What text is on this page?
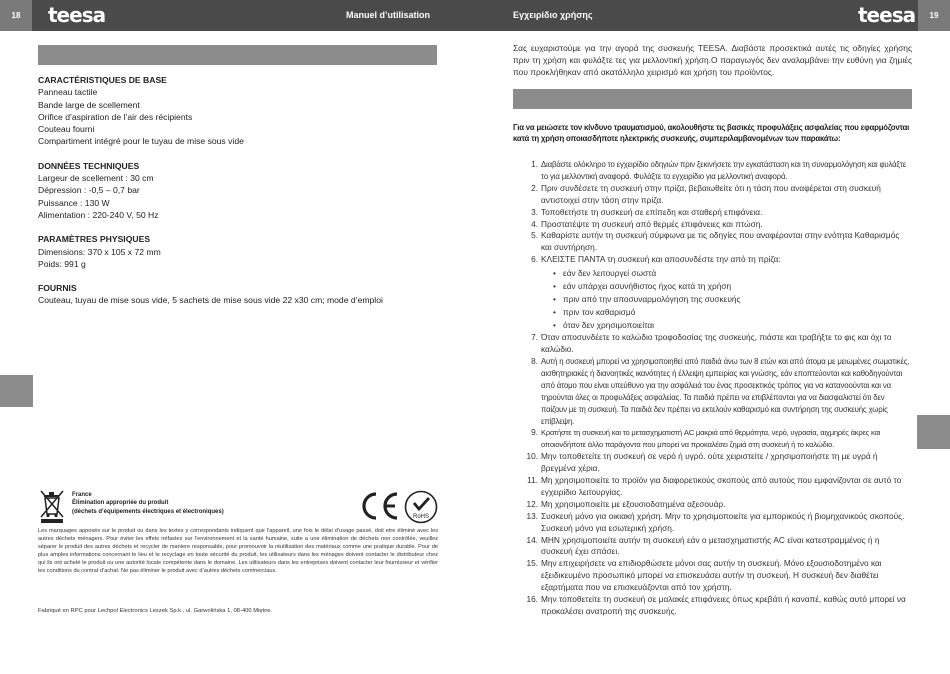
18	teesa	Manuel d’utilisation	Εγχειρίδιο χρήσης	teesa	19
CARACTÉRISTIQUES DE BASE
Panneau tactile
Bande large de scellement
Orifice d’aspiration de l’air des récipients
Couteau fourni
Compartiment intégré pour le tuyau de mise sous vide
DONNÉES TECHNIQUES
Largeur de scellement : 30 cm
Dépression : -0,5 – 0,7 bar
Puissance : 130 W
Alimentation : 220-240 V, 50 Hz
PARAMÈTRES PHYSIQUES
Dimensions: 370 x 105 x 72 mm
Poids: 991 g
FOURNIS
Couteau, tuyau de mise sous vide, 5 sachets de mise sous vide 22 x30 cm; mode d’emploi
France
Élimination appropriée du produit
(déchets d’équipements électriques et électroniques)
RoHS
Les marquages apposés sur le produit ou dans les textes y correspondants indiquent que l’appareil, une fois le délai d’usage passé, doit etre éliminé avec les autres déchets ménagers. Pour éviter les effets néfastes sur l’environnement et la santé humaine, suite a une élimination de déchets non contrôlée, veuillez séparer le produit des autres déchets et recycler de maniere responsable, pour promouvoir la réutilisation des matériaux comme une pratique durable. Pour de plus amples informations concernant le lieu et le recyclage en toute sécurité du produit, les utilisateurs dans les ménages doivent contacter le distributeur chez qui ils ont acheté le produit ou une autorité locale compétente dans le domaine. Les utilisateurs dans les entreprises doivent contacter leur fournisseur et vérifier les conditions du contrat d’achat. Ne pas éliminer le produit avec d’autres déchets commerciaux.
Fabriqué en RPC pour Lechpol Electronics Leszek Sp.k., ul. Garwolińska 1, 08-400 Miętne.
Σας ευχαριστούμε για την αγορά της συσκευής TEESA. Διαβάστε προσεκτικά αυτές τις οδηγίες χρήσης πριν τη χρήση και φυλάξτε τες για μελλοντική χρήση.Ο παραγωγός δεν αναλαμβάνει την ευθύνη για ζημιές που προκλήθηκαν από ακατάλληλο χειρισμό και χρήση του προϊόντος.
Για να μειώσετε τον κίνδυνο τραυματισμού, ακολουθήστε τις βασικές προφυλάξεις ασφαλείας που εφαρμόζονται κατά τη χρήση οποιασδήποτε ηλεκτρικής συσκευής, συμπεριλαμβανομένων των παρακάτω:
1. Διαβάστε ολόκληρο το εγχειρίδιο οδηγιών πριν ξεκινήσετε την εγκατάσταση και τη συναρμολόγηση και φυλάξτε το για μελλοντική αναφορά. Φυλάξτε το εγχειρίδιο για μελλοντική αναφορά.
2. Πριν συνδέσετε τη συσκευή στην πρίζα, βεβαιωθείτε ότι η τάση που αναφέρεται στη συσκευή αντιστοιχεί στην τάση στην πρίζα.
3. Τοποθετήστε τη συσκευή σε επίπεδη και σταθερή επιφάνεια.
4. Προστατέψτε τη συσκευή από θερμές επιφάνειες και πτώση.
5. Καθαρίστε αυτήν τη συσκευή σύμφωνα με τις οδηγίες που αναφέρονται στην ενότητα Καθαρισμός και συντήρηση.
6. ΚΛΕΙΣΤΕ ΠΑΝΤΑ τη συσκευή και αποσυνδέστε την από τη πρίζα:
• εάν δεν λειτουργεί σωστά
• εάν υπάρχει ασυνήθιστος ήχος κατά τη χρήση
• πριν από την αποσυναρμολόγηση της συσκευής
• πριν τον καθαρισμό
• όταν δεν χρησιμοποιείται
7. Όταν αποσυνδέετε το καλώδιο τροφοδοσίας της συσκευής, πιάστε και τραβήξτε το φις και όχι το καλώδιο.
8. Αυτή η συσκευή μπορεί να χρησιμοποιηθεί από παιδιά άνω των 8 ετών και από άτομα με μειωμένες σωματικές, αισθητηριακές ή διανοητικές ικανότητες ή έλλειψη εμπειρίας και γνώσης, εάν εποπτεύονται και καθοδηγούνται από άτομο που είναι υπεύθυνο για την ασφάλειά του ένας προσεκτικός τρόπος για να κατανοούνται και να τηρούνται όλες οι προφυλάξεις ασφαλείας. Τα παιδιά πρέπει να επιβλέπονται για να διασφαλιστεί ότι δεν παίζουν με τη συσκευή. Τα παιδιά δεν πρέπει να εκτελούν καθαρισμό και συντήρηση της συσκευής χωρίς επίβλεψη.
9. Κρατήστε τη συσκευή και το μετασχηματιστή AC μακριά από θερμότητα, νερό, υγρασία, αιχμηρές άκρες και οποιονδήποτε άλλο παράγοντα που μπορεί να προκαλέσει ζημιά στη συσκευή ή το καλώδιο.
10. Μην τοποθετείτε τη συσκευή σε νερό ή υγρό. ούτε χειριστείτε / χρησιμοποιήστε τη με υγρά ή βρεγμένα χέρια.
11. Μη χρησιμοποιείτε το προϊόν για διαφορετικούς σκοπούς από αυτούς που εμφανίζονται σε αυτό το εγχειρίδιο λειτουργίας.
12. Μη χρησιμοποιείτε με εξουσιοδοτημένα αξεσουάρ.
13. Συσκευή μόνο για οικιακή χρήση. Μην το χρησιμοποιείτε για εμπορικούς ή βιομηχανικούς σκοπούς. Συσκευή μόνο για εσωτερική χρήση.
14. ΜΗΝ χρησιμοποιείτε αυτήν τη συσκευή εάν ο μετασχηματιστής AC είναι κατεστραμμένος ή η συσκευή έχει σπάσει.
15. Μην επιχειρήσετε να επιδιορθώσετε μόνοι σας αυτήν τη συσκευή. Μόνο εξουσιοδοτημένο και εξειδικευμένο προσωπικό μπορεί να επισκευάσει αυτήν τη συσκευή. Η συσκευή δεν διαθέτει εξαρτήματα που να επισκευάζονται από τον χρήστη.
16. Μην τοποθετείτε τη συσκευή σε μαλακές επιφάνειες όπως κρεβάτι ή καναπέ, καθώς αυτό μπορεί να προκαλέσει ανατροπή της συσκευής.
